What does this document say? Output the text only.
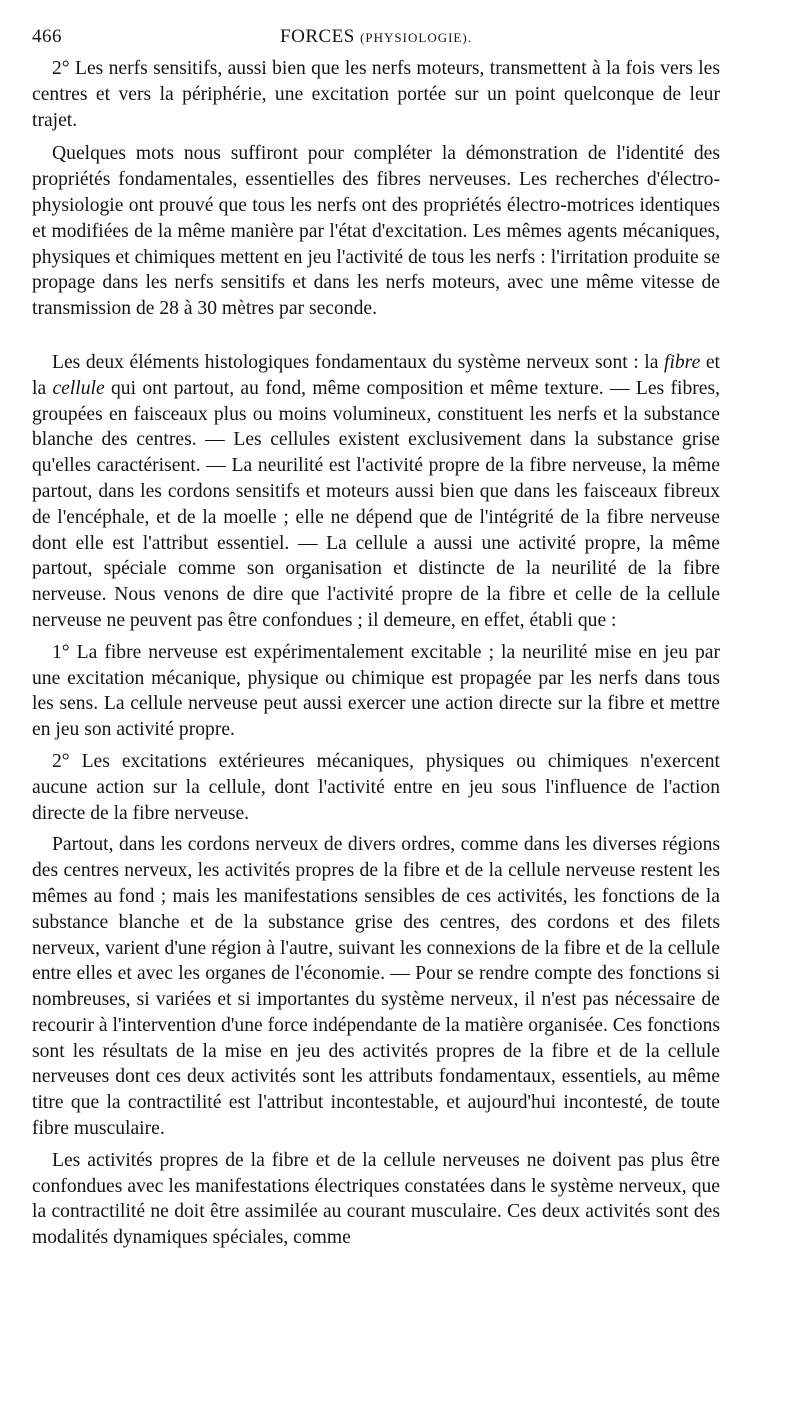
466	FORCES (PHYSIOLOGIE).

2° Les nerfs sensitifs, aussi bien que les nerfs moteurs, transmettent à la fois vers les centres et vers la périphérie, une excitation portée sur un point quelconque de leur trajet.

Quelques mots nous suffiront pour compléter la démonstration de l'identité des propriétés fondamentales, essentielles des fibres nerveuses. Les recherches d'électro-physiologie ont prouvé que tous les nerfs ont des propriétés électro-motrices identiques et modifiées de la même manière par l'état d'excitation. Les mêmes agents mécaniques, physiques et chimiques mettent en jeu l'activité de tous les nerfs : l'irritation produite se propage dans les nerfs sensitifs et dans les nerfs moteurs, avec une même vitesse de transmission de 28 à 30 mètres par seconde.

Les deux éléments histologiques fondamentaux du système nerveux sont : la fibre et la cellule qui ont partout, au fond, même composition et même texture. — Les fibres, groupées en faisceaux plus ou moins volumineux, constituent les nerfs et la substance blanche des centres. — Les cellules existent exclusivement dans la substance grise qu'elles caractérisent. — La neurilité est l'activité propre de la fibre nerveuse, la même partout, dans les cordons sensitifs et moteurs aussi bien que dans les faisceaux fibreux de l'encéphale, et de la moelle ; elle ne dépend que de l'intégrité de la fibre nerveuse dont elle est l'attribut essentiel. — La cellule a aussi une activité propre, la même partout, spéciale comme son organisation et distincte de la neurilité de la fibre nerveuse. Nous venons de dire que l'activité propre de la fibre et celle de la cellule nerveuse ne peuvent pas être confondues ; il demeure, en effet, établi que :

1° La fibre nerveuse est expérimentalement excitable ; la neurilité mise en jeu par une excitation mécanique, physique ou chimique est propagée par les nerfs dans tous les sens. La cellule nerveuse peut aussi exercer une action directe sur la fibre et mettre en jeu son activité propre.

2° Les excitations extérieures mécaniques, physiques ou chimiques n'exercent aucune action sur la cellule, dont l'activité entre en jeu sous l'influence de l'action directe de la fibre nerveuse.

Partout, dans les cordons nerveux de divers ordres, comme dans les diverses régions des centres nerveux, les activités propres de la fibre et de la cellule nerveuse restent les mêmes au fond ; mais les manifestations sensibles de ces activités, les fonctions de la substance blanche et de la substance grise des centres, des cordons et des filets nerveux, varient d'une région à l'autre, suivant les connexions de la fibre et de la cellule entre elles et avec les organes de l'économie. — Pour se rendre compte des fonctions si nombreuses, si variées et si importantes du système nerveux, il n'est pas nécessaire de recourir à l'intervention d'une force indépendante de la matière organisée. Ces fonctions sont les résultats de la mise en jeu des activités propres de la fibre et de la cellule nerveuses dont ces deux activités sont les attributs fondamentaux, essentiels, au même titre que la contractilité est l'attribut incontestable, et aujourd'hui incontesté, de toute fibre musculaire.

Les activités propres de la fibre et de la cellule nerveuses ne doivent pas plus être confondues avec les manifestations électriques constatées dans le système nerveux, que la contractilité ne doit être assimilée au courant musculaire. Ces deux activités sont des modalités dynamiques spéciales, comme
